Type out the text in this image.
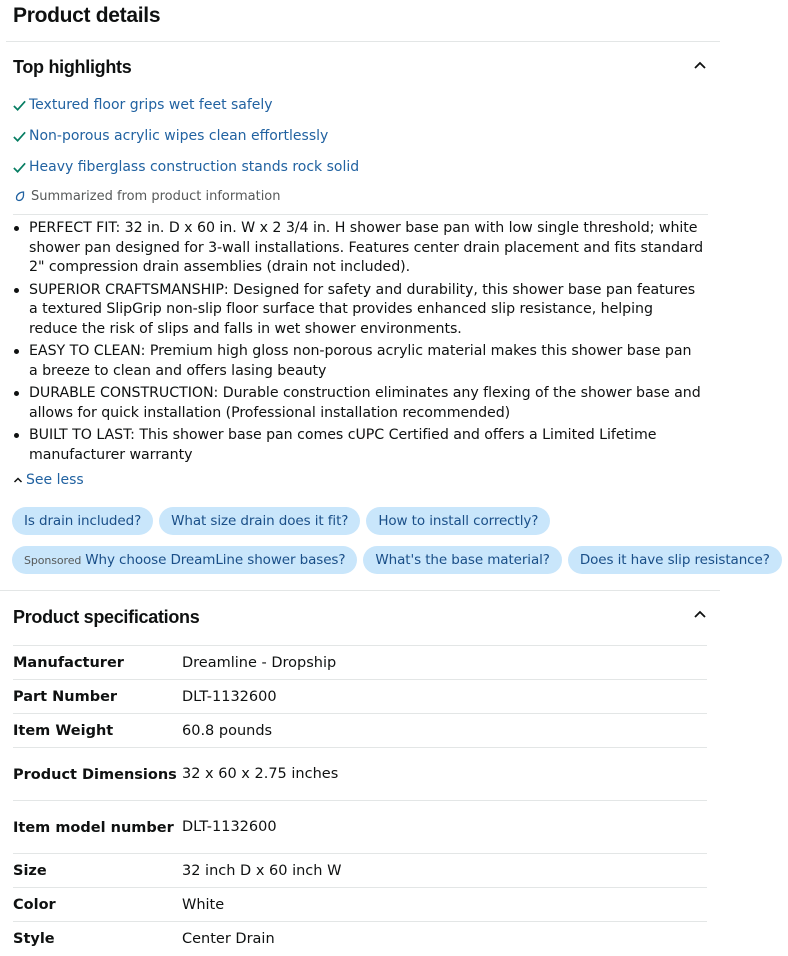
Product details
Top highlights
Textured floor grips wet feet safely
Non-porous acrylic wipes clean effortlessly
Heavy fiberglass construction stands rock solid
Summarized from product information
PERFECT FIT: 32 in. D x 60 in. W x 2 3/4 in. H shower base pan with low single threshold; white shower pan designed for 3-wall installations. Features center drain placement and fits standard 2" compression drain assemblies (drain not included).
SUPERIOR CRAFTSMANSHIP: Designed for safety and durability, this shower base pan features a textured SlipGrip non-slip floor surface that provides enhanced slip resistance, helping reduce the risk of slips and falls in wet shower environments.
EASY TO CLEAN: Premium high gloss non-porous acrylic material makes this shower base pan a breeze to clean and offers lasing beauty
DURABLE CONSTRUCTION: Durable construction eliminates any flexing of the shower base and allows for quick installation (Professional installation recommended)
BUILT TO LAST: This shower base pan comes cUPC Certified and offers a Limited Lifetime manufacturer warranty
See less
Is drain included?	What size drain does it fit?	How to install correctly?
Sponsored Why choose DreamLine shower bases?	What's the base material?	Does it have slip resistance?
Product specifications
Manufacturer	Dreamline - Dropship
Part Number	DLT-1132600
Item Weight	60.8 pounds
Product Dimensions	32 x 60 x 2.75 inches
Item model number	DLT-1132600
Size	32 inch D x 60 inch W
Color	White
Style	Center Drain
